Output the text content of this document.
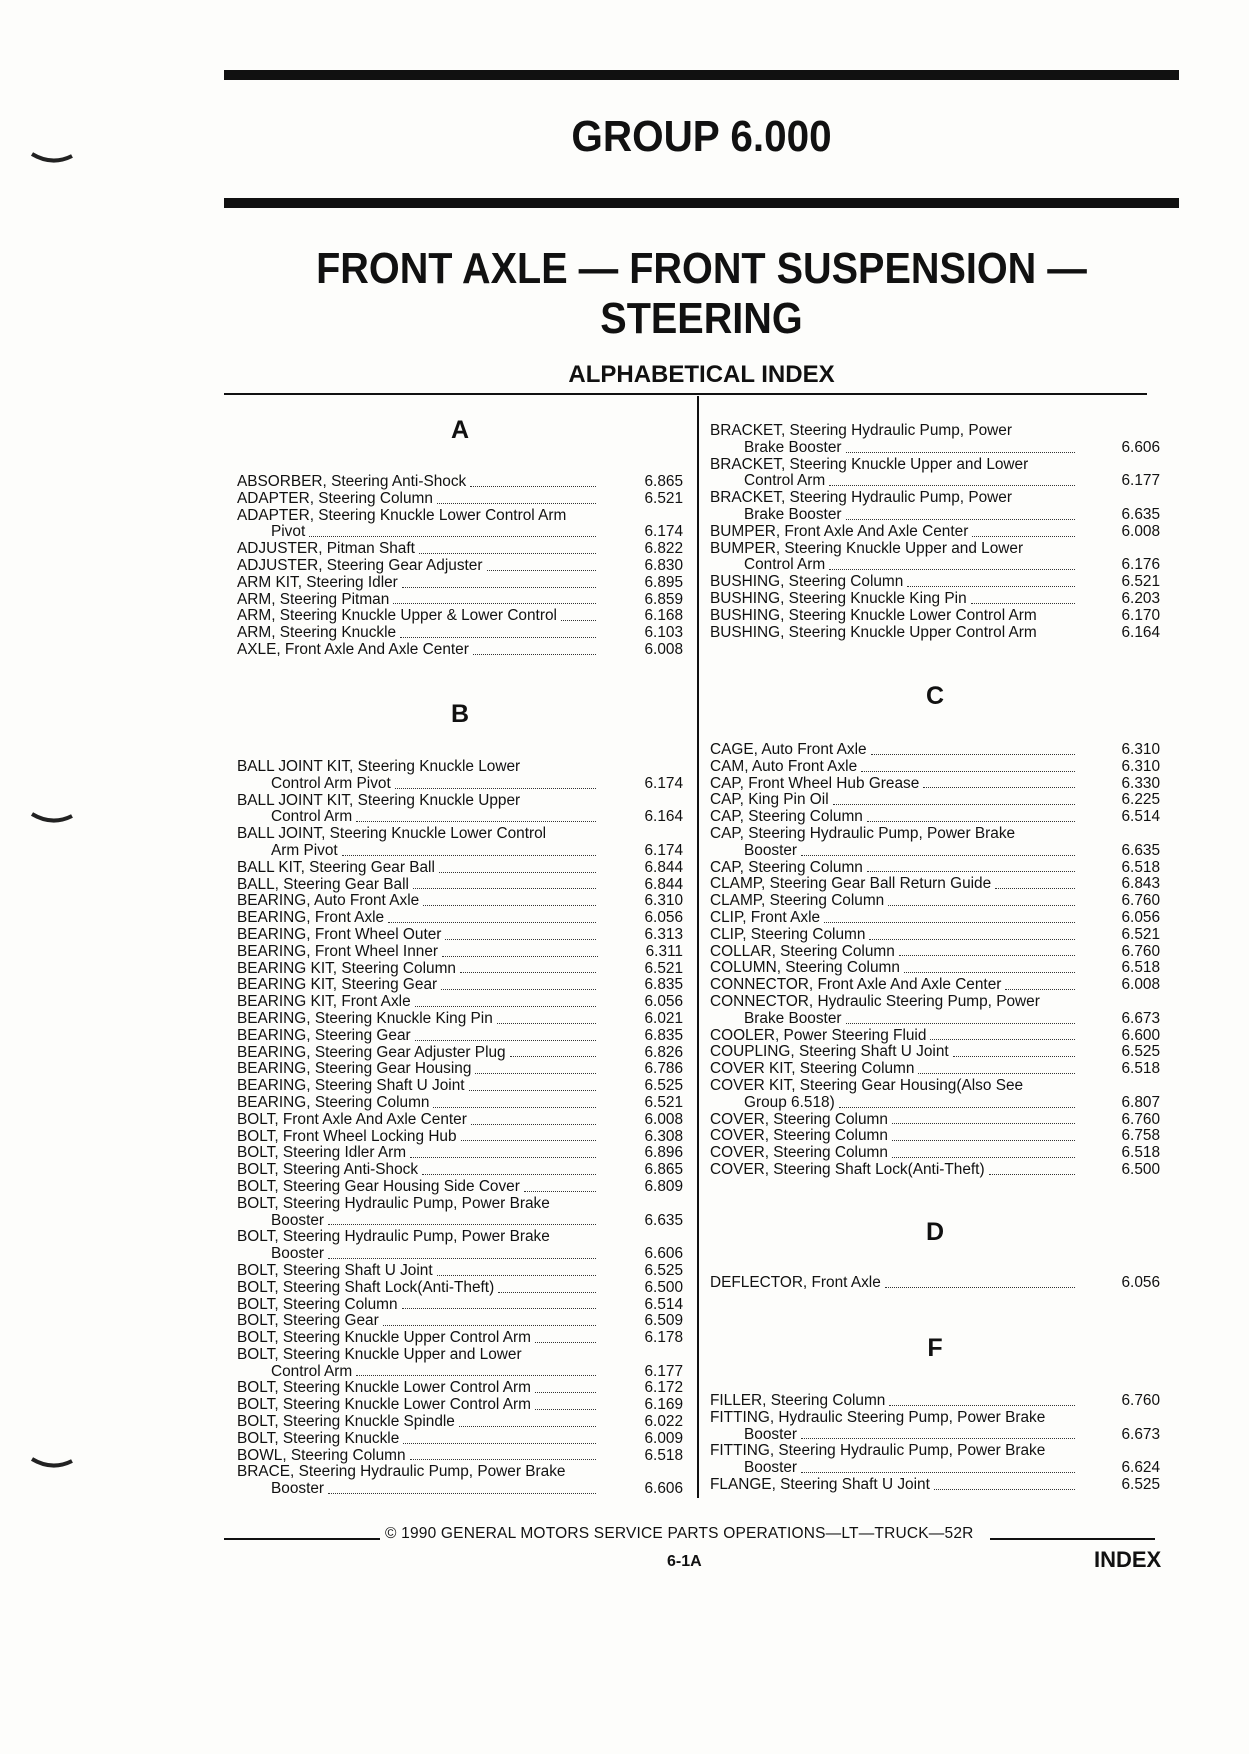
GROUP 6.000
FRONT AXLE — FRONT SUSPENSION —
STEERING
ALPHABETICAL INDEX
A
ABSORBER, Steering Anti-Shock	6.865
ADAPTER, Steering Column	6.521
ADAPTER, Steering Knuckle Lower Control Arm
Pivot	6.174
ADJUSTER, Pitman Shaft	6.822
ADJUSTER, Steering Gear Adjuster	6.830
ARM KIT, Steering Idler	6.895
ARM, Steering Pitman	6.859
ARM, Steering Knuckle Upper & Lower Control	6.168
ARM, Steering Knuckle	6.103
AXLE, Front Axle And Axle Center	6.008
B
BALL JOINT KIT, Steering Knuckle Lower
Control Arm Pivot	6.174
BALL JOINT KIT, Steering Knuckle Upper
Control Arm	6.164
BALL JOINT, Steering Knuckle Lower Control
Arm Pivot	6.174
BALL KIT, Steering Gear Ball	6.844
BALL, Steering Gear Ball	6.844
BEARING, Auto Front Axle	6.310
BEARING, Front Axle	6.056
BEARING, Front Wheel Outer	6.313
BEARING, Front Wheel Inner	6.311
BEARING KIT, Steering Column	6.521
BEARING KIT, Steering Gear	6.835
BEARING KIT, Front Axle	6.056
BEARING, Steering Knuckle King Pin	6.021
BEARING, Steering Gear	6.835
BEARING, Steering Gear Adjuster Plug	6.826
BEARING, Steering Gear Housing	6.786
BEARING, Steering Shaft U Joint	6.525
BEARING, Steering Column	6.521
BOLT, Front Axle And Axle Center	6.008
BOLT, Front Wheel Locking Hub	6.308
BOLT, Steering Idler Arm	6.896
BOLT, Steering Anti-Shock	6.865
BOLT, Steering Gear Housing Side Cover	6.809
BOLT, Steering Hydraulic Pump, Power Brake
Booster	6.635
BOLT, Steering Hydraulic Pump, Power Brake
Booster	6.606
BOLT, Steering Shaft U Joint	6.525
BOLT, Steering Shaft Lock(Anti-Theft)	6.500
BOLT, Steering Column	6.514
BOLT, Steering Gear	6.509
BOLT, Steering Knuckle Upper Control Arm	6.178
BOLT, Steering Knuckle Upper and Lower
Control Arm	6.177
BOLT, Steering Knuckle Lower Control Arm	6.172
BOLT, Steering Knuckle Lower Control Arm	6.169
BOLT, Steering Knuckle Spindle	6.022
BOLT, Steering Knuckle	6.009
BOWL, Steering Column	6.518
BRACE, Steering Hydraulic Pump, Power Brake
Booster	6.606
BRACKET, Steering Hydraulic Pump, Power
Brake Booster	6.606
BRACKET, Steering Knuckle Upper and Lower
Control Arm	6.177
BRACKET, Steering Hydraulic Pump, Power
Brake Booster	6.635
BUMPER, Front Axle And Axle Center	6.008
BUMPER, Steering Knuckle Upper and Lower
Control Arm	6.176
BUSHING, Steering Column	6.521
BUSHING, Steering Knuckle King Pin	6.203
BUSHING, Steering Knuckle Lower Control Arm	6.170
BUSHING, Steering Knuckle Upper Control Arm	6.164
C
CAGE, Auto Front Axle	6.310
CAM, Auto Front Axle	6.310
CAP, Front Wheel Hub Grease	6.330
CAP, King Pin Oil	6.225
CAP, Steering Column	6.514
CAP, Steering Hydraulic Pump, Power Brake
Booster	6.635
CAP, Steering Column	6.518
CLAMP, Steering Gear Ball Return Guide	6.843
CLAMP, Steering Column	6.760
CLIP, Front Axle	6.056
CLIP, Steering Column	6.521
COLLAR, Steering Column	6.760
COLUMN, Steering Column	6.518
CONNECTOR, Front Axle And Axle Center	6.008
CONNECTOR, Hydraulic Steering Pump, Power
Brake Booster	6.673
COOLER, Power Steering Fluid	6.600
COUPLING, Steering Shaft U Joint	6.525
COVER KIT, Steering Column	6.518
COVER KIT, Steering Gear Housing(Also See
Group 6.518)	6.807
COVER, Steering Column	6.760
COVER, Steering Column	6.758
COVER, Steering Column	6.518
COVER, Steering Shaft Lock(Anti-Theft)	6.500
D
DEFLECTOR, Front Axle	6.056
F
FILLER, Steering Column	6.760
FITTING, Hydraulic Steering Pump, Power Brake
Booster	6.673
FITTING, Steering Hydraulic Pump, Power Brake
Booster	6.624
FLANGE, Steering Shaft U Joint	6.525
© 1990 GENERAL MOTORS SERVICE PARTS OPERATIONS—LT—TRUCK—52R
6-1A	INDEX
